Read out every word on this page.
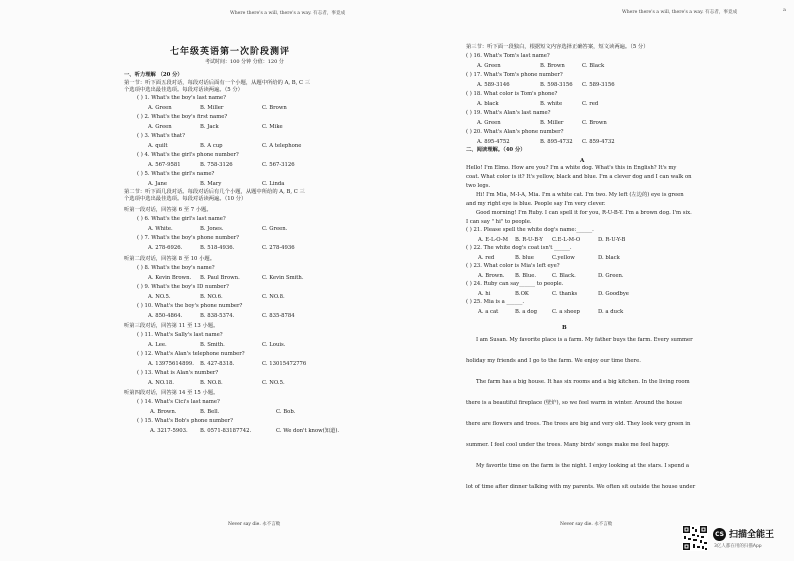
Where there's a will, there's a way. 有志者，事竟成	Where there's a will, there's a way. 有志者，事竟成	a
七年级英语第一次阶段测评
考试时间：100 分钟 分值：120 分
一、听力理解 （20 分）
第一节：听下面五段对话，每段对话后面有一个小题，从题中所给的 A, B, C 三
个选项中选出最佳选项。每段对话读两遍。（5 分）
第二节：听下面几段对话。每段对话后有几个小题，从题中所给的 A, B, C 三
个选项中选出最佳选项。每段对话读两遍。（10 分）
听第一段对话，回答第 6 至 7 小题。
听第二段对话，回答第 8 至 10 小题。
听第三段对话，回答第 11 至 13 小题。
听第四段对话，回答第 14 至 15 小题。
Never say die. 永不言败
第三节：听下面一段独白，根据短文内容选择正确答案，短文读两遍。（5 分）
二、阅读理解。（40 分）
A
B
Never say die. 永不言败
( ) 1. What's the boy's last name?
A. Green	B. Miller	C. Brown
( ) 2. What's the boy's first name?
A. Green	B. Jack	C. Mike
( ) 3. What's that?
A. quilt	B. A cup	C. A telephone
( ) 4. What's the girl's phone number?
A. 567-9581	B. 758-3126	C. 567-3126
( ) 5. What's the girl's name?
A. Jane	B. Mary	C. Linda
( ) 6. What's the girl's last name?
A. White.	B. Jones.	C. Green.
( ) 7. What's the boy's phone number?
A. 278-6926.	B. 518-4936.	C. 278-4936
( ) 8. What's the boy's name?
A. Kevin Brown. B. Paul Brown.	C. Kevin Smith.
( ) 9. What's the boy's ID number?
A. NO.5.	B. NO.6.	C. NO.8.
( ) 10. What's the boy's phone number?
A. 850-4864.	B. 838-5374.	C. 835-8784
( ) 11. What's Sally's last name?
A. Lee.	B. Smith.	C. Louis.
( ) 12. What's Alan's telephone number?
A. 13975614899. B. 427-8318.	C. 13015472776
( ) 13. What is Alan's number?
A. NO.18.	B. NO.8.	C. NO.5.
( ) 14. What's Cici's last name?
A. Brown.	B. Bell.	C. Bob.
( ) 15. What's Bob's phone number?
A. 3217-5903. B. 0571-83187742.	C. We don't know(知道).
( ) 16. What's Tom's last name?
A. Green	B. Brown	C. Black
( ) 17. What's Tom's phone number?
A. 589-3146	B. 598-3156 C. 589-3156
( ) 18. What color is Tom's phone?
A. black	B. white	C. red
( ) 19. What's Alan's last name?
A. Green	B. Miller	C. Brown
( ) 20. What's Alan's phone number?
A. 895-4752	B. 895-4732 C. 859-4732
( ) 21. Please spell the white dog's name:______.
A. E-L-O-M B. R-U-B-Y C.E-L-M-O	D. R-U-Y-B
( ) 22. The white dog's coat isn't ______.
A. red	B. blue	C.yellow	D. black
( ) 23. What color is Mia's left eye?
A. Brown. B. Blue.	C. Black.	D. Green.
( ) 24. Ruby can say______ to people.
A. hi	B.OK	C. thanks	D. Goodbye
( ) 25. Mia is a ______.
A. a cat	B. a dog	C. a sheep	D. a duck
Hello! I'm Elmo. How are you? I'm a white dog. What's this in English? It's my
coat. What color is it? It's yellow, black and blue. I'm a clever dog and I can walk on
two legs.
Hi! I'm Mia, M-I-A, Mia. I'm a white cat. I'm two. My left (左边的) eye is green
and my right eye is blue. People say I'm very clever.
Good morning! I'm Ruby. I can spell it for you, R-U-B-Y. I'm a brown dog. I'm six.
I can say " hi" to people.
I am Susan. My favorite place is a farm. My father buys the farm. Every summer
holiday my friends and I go to the farm. We enjoy our time there.
The farm has a big house. It has six rooms and a big kitchen. In the living room
there is a beautiful fireplace (壁炉), so we feel warm in winter. Around the house
there are flowers and trees. The trees are big and very old. They look very green in
summer. I feel cool under the trees. Many birds' songs make me feel happy.
My favorite time on the farm is the night. I enjoy looking at the stars. I spend a
lot of time after dinner talking with my parents. We often sit outside the house under
CS 扫描全能王
3亿人都在用的扫描App
